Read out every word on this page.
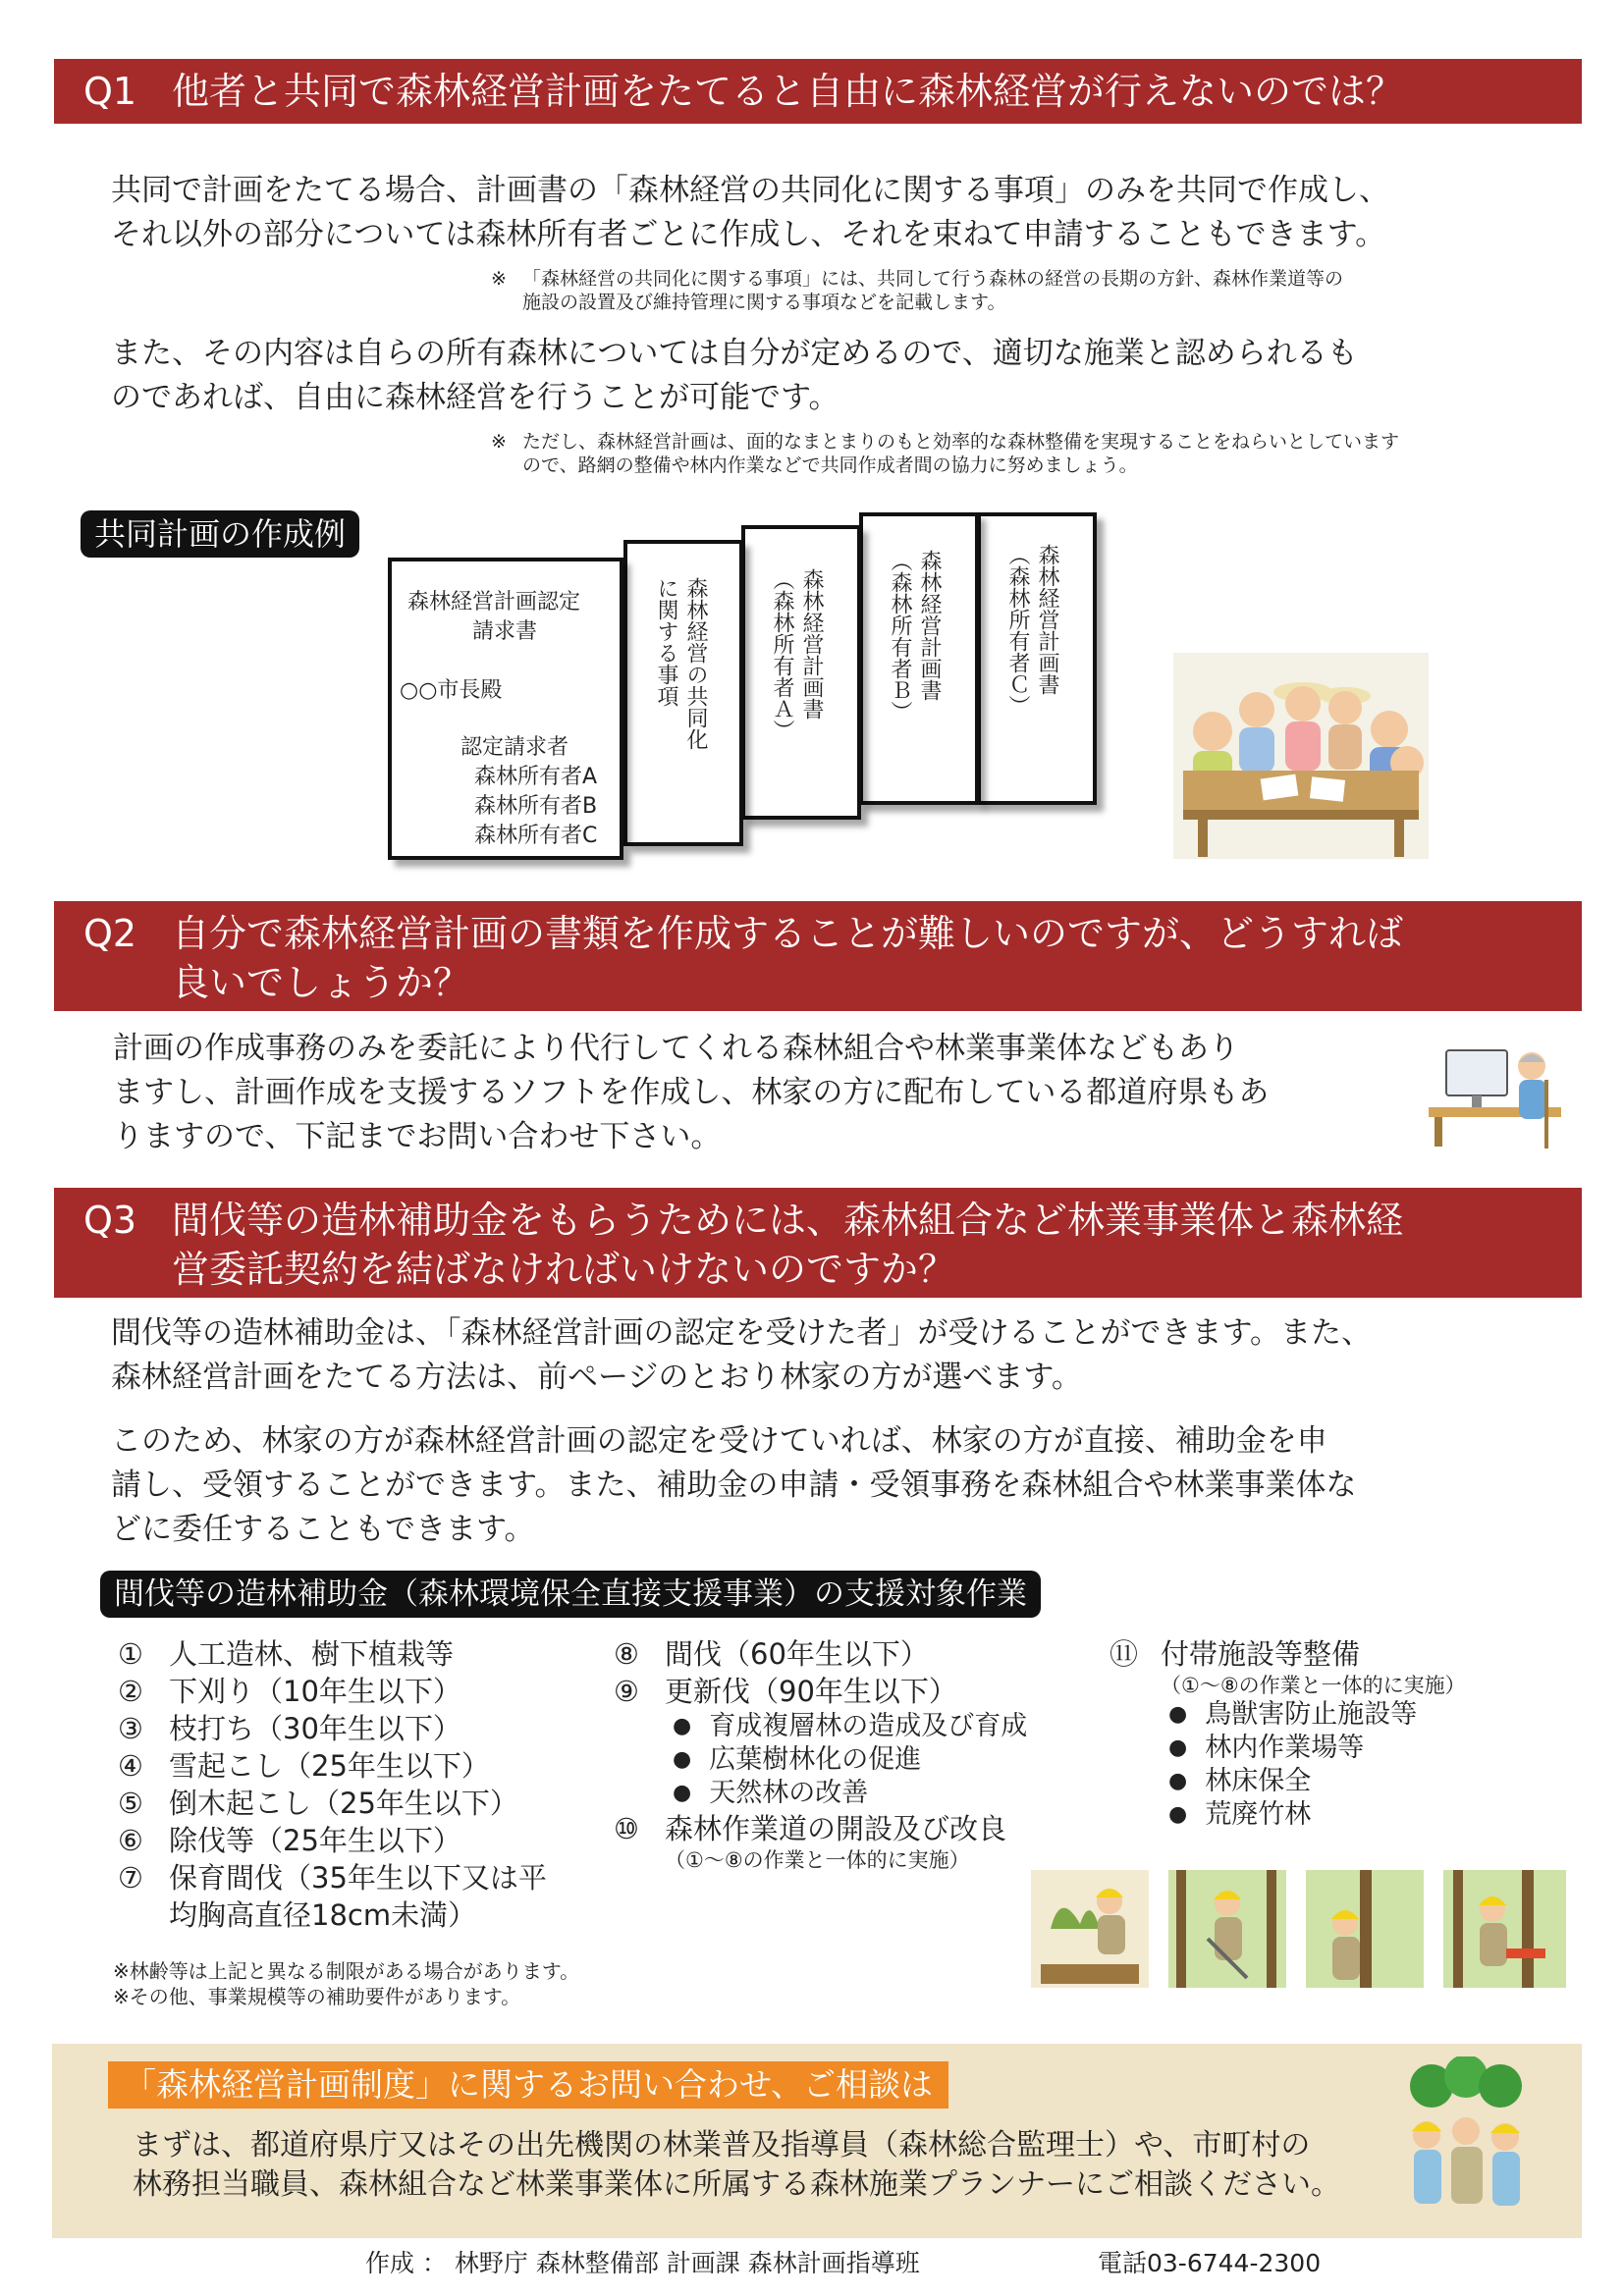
Q1 他者と共同で森林経営計画をたてると自由に森林経営が行えないのでは？

共同で計画をたてる場合、計画書の「森林経営の共同化に関する事項」のみを共同で作成し、
それ以外の部分については森林所有者ごとに作成し、それを束ねて申請することもできます。

※ 「森林経営の共同化に関する事項」には、共同して行う森林の経営の長期の方針、森林作業道等の
施設の設置及び維持管理に関する事項などを記載します。

また、その内容は自らの所有森林については自分が定めるので、適切な施業と認められるも
のであれば、自由に森林経営を行うことが可能です。

※ ただし、森林経営計画は、面的なまとまりのもと効率的な森林整備を実現することをねらいとしています
ので、路網の整備や林内作業などで共同作成者間の協力に努めましょう。
共同計画の作成例
森林経営計画書
（森林所有者Ｃ）
森林経営計画書
（森林所有者Ｂ）
森林経営計画書
（森林所有者Ａ）
森林経営の共同化
に関する事項
森林経営計画認定
請求書
○○市長殿
認定請求者
森林所有者A
森林所有者B
森林所有者C
Q2 自分で森林経営計画の書類を作成することが難しいのですが、どうすれば
良いでしょうか？

計画の作成事務のみを委託により代行してくれる森林組合や林業事業体などもあり
ますし、計画作成を支援するソフトを作成し、林家の方に配布している都道府県もあ
りますので、下記までお問い合わせ下さい。

Q3 間伐等の造林補助金をもらうためには、森林組合など林業事業体と森林経
営委託契約を結ばなければいけないのですか？

間伐等の造林補助金は、「森林経営計画の認定を受けた者」が受けることができます。また、
森林経営計画をたてる方法は、前ページのとおり林家の方が選べます。

このため、林家の方が森林経営計画の認定を受けていれば、林家の方が直接、補助金を申
請し、受領することができます。また、補助金の申請・受領事務を森林組合や林業事業体な
どに委任することもできます。

間伐等の造林補助金（森林環境保全直接支援事業）の支援対象作業
① 人工造林、樹下植栽等
② 下刈り（10年生以下）
③ 枝打ち（30年生以下）
④ 雪起こし（25年生以下）
⑤ 倒木起こし（25年生以下）
⑥ 除伐等（25年生以下）
⑦ 保育間伐（35年生以下又は平
均胸高直径18cm未満）
※林齢等は上記と異なる制限がある場合があります。
※その他、事業規模等の補助要件があります。
⑧ 間伐（60年生以下）
⑨ 更新伐（90年生以下）
● 育成複層林の造成及び育成
● 広葉樹林化の促進
● 天然林の改善
⑩ 森林作業道の開設及び改良
（①～⑧の作業と一体的に実施）
⑪ 付帯施設等整備
（①～⑧の作業と一体的に実施）
● 鳥獣害防止施設等
● 林内作業場等
● 林床保全
● 荒廃竹林
「森林経営計画制度」に関するお問い合わせ、ご相談は

まずは、都道府県庁又はその出先機関の林業普及指導員（森林総合監理士）や、市町村の
林務担当職員、森林組合など林業事業体に所属する森林施業プランナーにご相談ください。

作成 ： 林野庁 森林整備部 計画課 森林計画指導班	電話03-6744-2300
